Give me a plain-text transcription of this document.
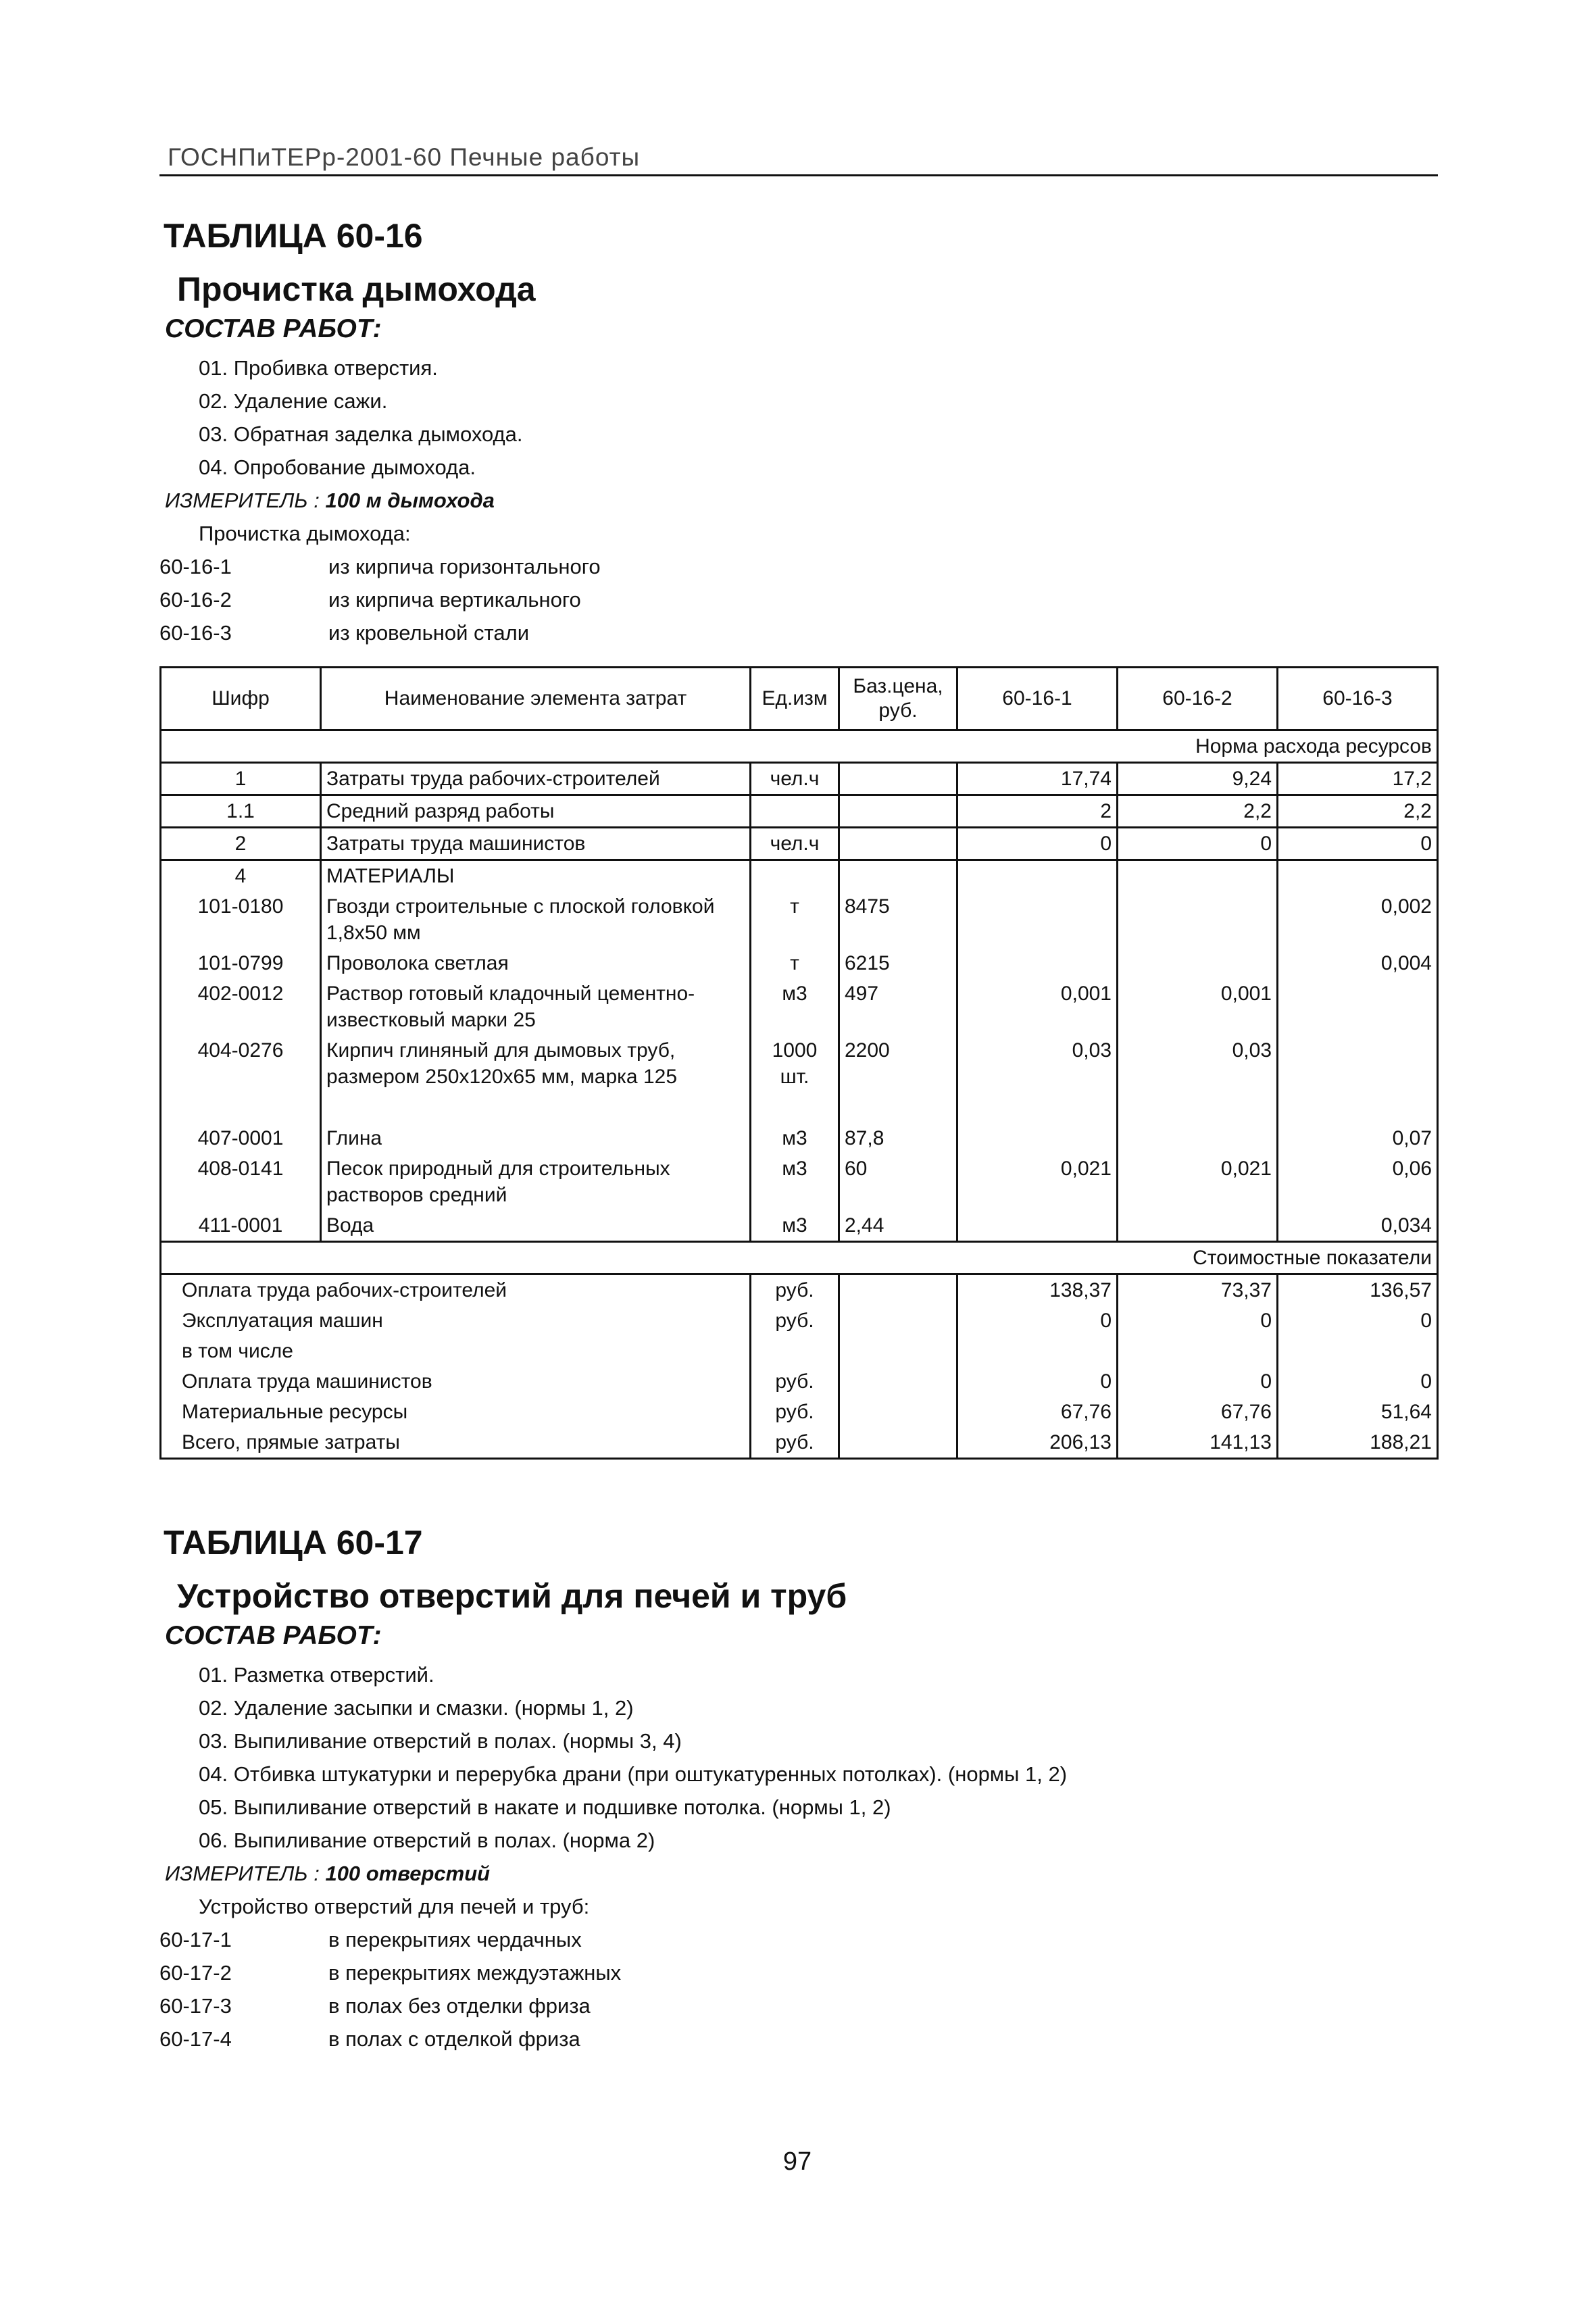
ГОСНПиТЕРр-2001-60 Печные работы
ТАБЛИЦА 60-16
Прочистка дымохода
СОСТАВ РАБОТ:
01. Пробивка отверстия.
02. Удаление сажи.
03. Обратная заделка дымохода.
04. Опробование дымохода.
ИЗМЕРИТЕЛЬ : 100 м дымохода
Прочистка дымохода:
60-16-1	из кирпича горизонтального
60-16-2	из кирпича вертикального
60-16-3	из кровельной стали
Шифр	Наименование элемента затрат	Ед.изм	Баз.цена, руб.	60-16-1	60-16-2	60-16-3
Норма расхода ресурсов						
1	Затраты труда рабочих-строителей	чел.ч		17,74	9,24	17,2
1.1	Средний разряд работы			2	2,2	2,2
2	Затраты труда машинистов	чел.ч		0	0	0
4	МАТЕРИАЛЫ					
101-0180	Гвозди строительные с плоской головкой 1,8х50 мм	т	8475			0,002
101-0799	Проволока светлая	т	6215			0,004
402-0012	Раствор готовый кладочный цементно-известковый марки 25	м3	497	0,001	0,001	
404-0276	Кирпич глиняный для дымовых труб, размером 250х120х65 мм, марка 125	1000 шт.	2200	0,03	0,03	

407-0001	Глина	м3	87,8			0,07
408-0141	Песок природный для строительных растворов средний	м3	60	0,021	0,021	0,06
411-0001	Вода	м3	2,44			0,034
Стоимостные показатели						
Оплата труда рабочих-строителей		руб.		138,37	73,37	136,57
Эксплуатация машин		руб.		0	0	0
в том числе						
Оплата труда машинистов		руб.		0	0	0
Материальные ресурсы		руб.		67,76	67,76	51,64
Всего, прямые затраты		руб.		206,13	141,13	188,21
ТАБЛИЦА 60-17
Устройство отверстий для печей и труб
СОСТАВ РАБОТ:
01. Разметка отверстий.
02. Удаление засыпки и смазки. (нормы 1, 2)
03. Выпиливание отверстий в полах. (нормы 3, 4)
04. Отбивка штукатурки и перерубка драни (при оштукатуренных потолках). (нормы 1, 2)
05. Выпиливание отверстий в накате и подшивке потолка. (нормы 1, 2)
06. Выпиливание отверстий в полах. (норма 2)
ИЗМЕРИТЕЛЬ : 100 отверстий
Устройство отверстий для печей и труб:
60-17-1	в перекрытиях чердачных
60-17-2	в перекрытиях междуэтажных
60-17-3	в полах без отделки фриза
60-17-4	в полах с отделкой фриза
97
